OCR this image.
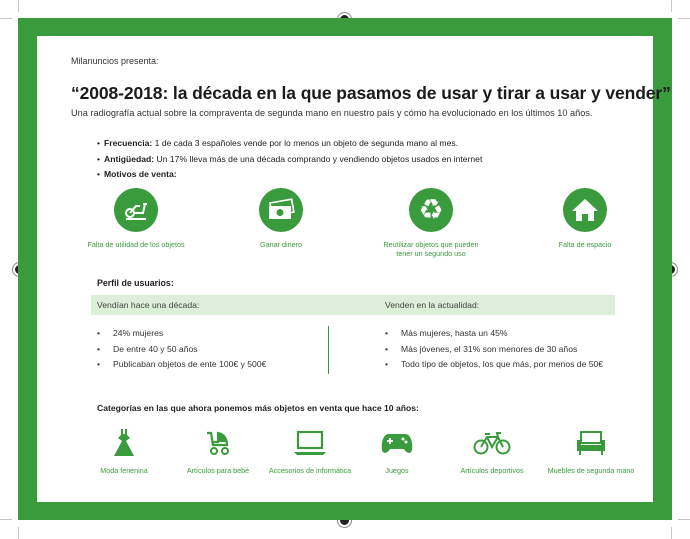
Milanuncios presenta:
“2008-2018: la década en la que pasamos de usar y tirar a usar y vender”
Una radiografía actual sobre la compraventa de segunda mano en nuestro país y cómo ha evolucionado en los últimos 10 años.
• Frecuencia: 1 de cada 3 españoles vende por lo menos un objeto de segunda mano al mes.
• Antigüedad: Un 17% lleva más de una década comprando y vendiendo objetos usados en internet
• Motivos de venta:
Falta de utilidad de los objetos	Ganar dinero
♻
Reutilizar objetos que pueden tener un segundo uso
Falta de espacio
Perfil de usuarios:
Vendían hace una década:	Venden en la actualidad:
• 24% mujeres
• De entre 40 y 50 años
• Publicaban objetos de ente 100€ y 500€
• Más mujeres, hasta un 45%
• Más jóvenes, el 31% son menores de 30 años
• Todo tipo de objetos, los que más, por menos de 50€
Categorías en las que ahora ponemos más objetos en venta que hace 10 años:
Moda fenenina	Artículos para bebé	Accesorios de informática	Juegos	Artículos deportivos	Muebles de segunda mano
